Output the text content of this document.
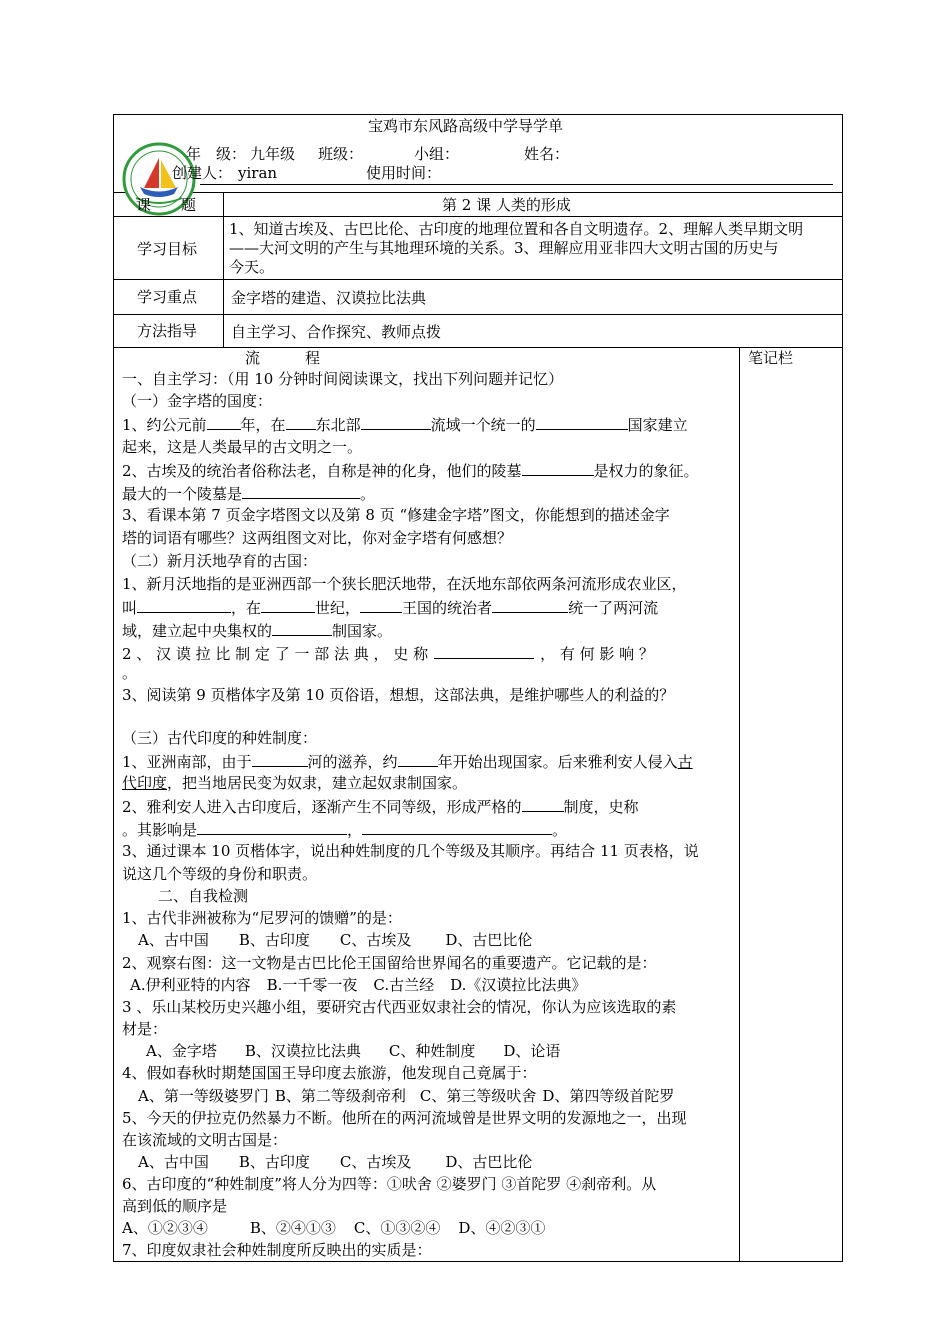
宝鸡市东风路高级中学导学单
年　级： 九年级 班级：	小组：	姓名：
创建人： yiran	使用时间：
课　　题	第 2 课 人类的形成
学习目标
1、知道古埃及、古巴比伦、古印度的地理位置和各自文明遗存。2、理解人类早期文明
——大河文明的产生与其地理环境的关系。3、理解应用亚非四大文明古国的历史与
今天。
学习重点 金字塔的建造、汉谟拉比法典
方法指导 自主学习、合作探究、教师点拨
流　　　程	笔记栏
一、自主学习：（用 10 分钟时间阅读课文，找出下列问题并记忆）
（一）金字塔的国度：
1、约公元前 年，在 东北部	流域一个统一的	国家建立
起来，这是人类最早的古文明之一。
2、古埃及的统治者俗称法老，自称是神的化身，他们的陵墓	是权力的象征。
最大的一个陵墓是	。
3、看课本第 7 页金字塔图文以及第 8 页 “修建金字塔”图文，你能想到的描述金字
塔的词语有哪些？这两组图文对比，你对金字塔有何感想？
（二）新月沃地孕育的古国：
1、新月沃地指的是亚洲西部一个狭长肥沃地带，在沃地东部依两条河流形成农业区，
叫	，在	世纪，	王国的统治者	统一了两河流
域，建立起中央集权的	制国家。
2 、 汉 谟 拉 比 制 定 了 一 部 法 典 ， 史 称	， 有 何 影 响 ？
。
3、阅读第 9 页楷体字及第 10 页俗语，想想，这部法典，是维护哪些人的利益的？
（三）古代印度的种姓制度：
1、亚洲南部，由于	河的滋养，约	年开始出现国家。后来雅利安人侵入古
代印度，把当地居民变为奴隶，建立起奴隶制国家。
2、雅利安人进入古印度后，逐渐产生不同等级，形成严格的	制度，史称
。其影响是	，	。
3、通过课本 10 页楷体字，说出种姓制度的几个等级及其顺序。再结合 11 页表格，说
说这几个等级的身份和职责。
二、自我检测
1、古代非洲被称为“尼罗河的馈赠”的是：
A、古中国 B、古印度 C、古埃及 D、古巴比伦
2、观察右图：这一文物是古巴比伦王国留给世界闻名的重要遗产。它记载的是：
A.伊利亚特的内容 B.一千零一夜 C.古兰经 D.《汉谟拉比法典》
3 、乐山某校历史兴趣小组，要研究古代西亚奴隶社会的情况，你认为应该选取的素
材是：
A、金字塔 B、汉谟拉比法典 C、种姓制度 D、论语
4、假如春秋时期楚国国王导印度去旅游，他发现自己竟属于：
A、第一等级婆罗门 B、第二等级刹帝利 C、第三等级吠舍 D、第四等级首陀罗
5、今天的伊拉克仍然暴力不断。他所在的两河流域曾是世界文明的发源地之一，出现
在该流域的文明古国是：
A、古中国 B、古印度 C、古埃及 D、古巴比伦
6、古印度的“种姓制度”将人分为四等：①吠舍 ②婆罗门 ③首陀罗 ④刹帝利。从
高到低的顺序是
A、①②③④	B、②④①③ C、①③②④ D、④②③①
7、印度奴隶社会种姓制度所反映出的实质是：
